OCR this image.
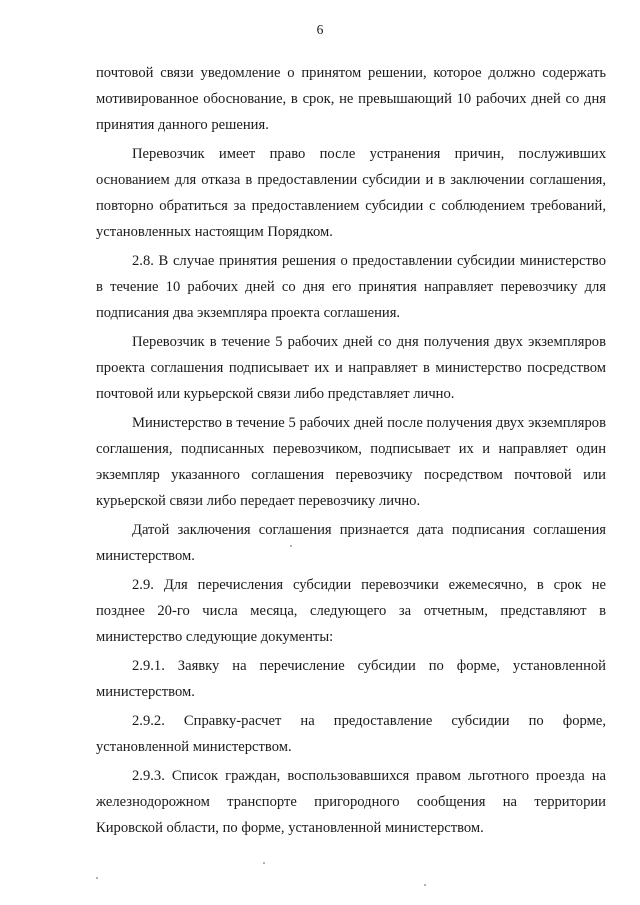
6

почтовой связи уведомление о принятом решении, которое должно содержать мотивированное обоснование, в срок, не превышающий 10 рабочих дней со дня принятия данного решения.

Перевозчик имеет право после устранения причин, послуживших основанием для отказа в предоставлении субсидии и в заключении соглашения, повторно обратиться за предоставлением субсидии с соблюдением требований, установленных настоящим Порядком.

2.8. В случае принятия решения о предоставлении субсидии министерство в течение 10 рабочих дней со дня его принятия направляет перевозчику для подписания два экземпляра проекта соглашения.

Перевозчик в течение 5 рабочих дней со дня получения двух экземпляров проекта соглашения подписывает их и направляет в министерство посредством почтовой или курьерской связи либо представляет лично.

Министерство в течение 5 рабочих дней после получения двух экземпляров соглашения, подписанных перевозчиком, подписывает их и направляет один экземпляр указанного соглашения перевозчику посредством почтовой или курьерской связи либо передает перевозчику лично.

Датой заключения соглашения признается дата подписания соглашения министерством.

2.9. Для перечисления субсидии перевозчики ежемесячно, в срок не позднее 20-го числа месяца, следующего за отчетным, представляют в министерство следующие документы:

2.9.1. Заявку на перечисление субсидии по форме, установленной министерством.

2.9.2. Справку-расчет на предоставление субсидии по форме, установленной министерством.

2.9.3. Список граждан, воспользовавшихся правом льготного проезда на железнодорожном транспорте пригородного сообщения на территории Кировской области, по форме, установленной министерством.
